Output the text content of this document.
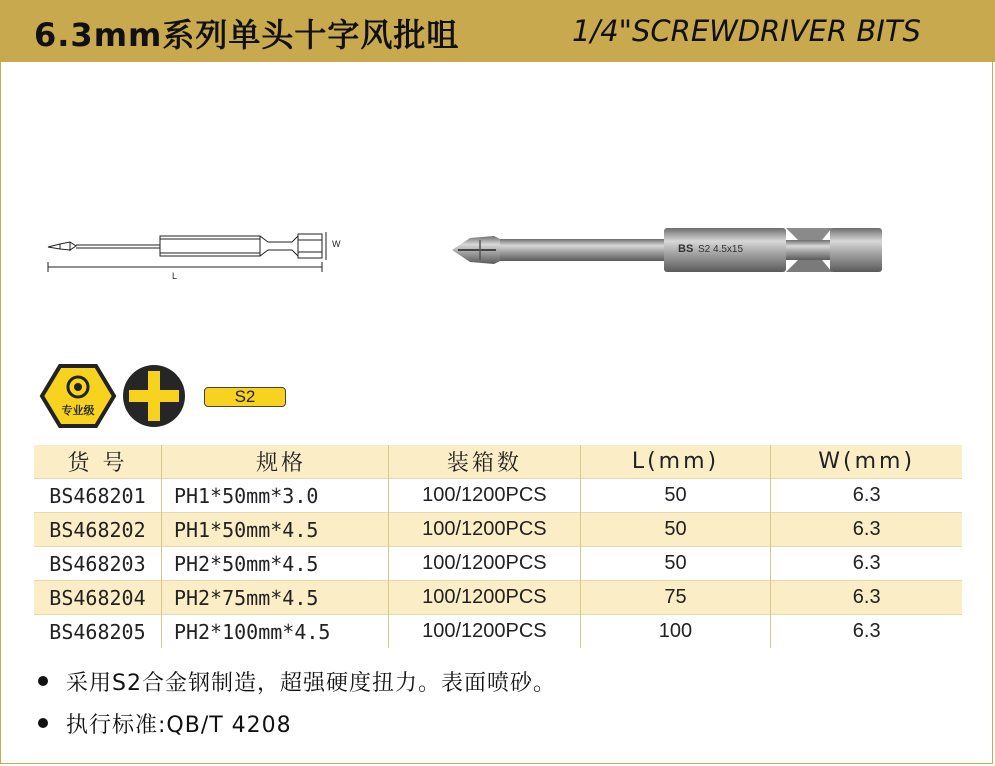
6.3mm系列单头十字风批咀	1/4"SCREWDRIVER BITS
W
L
BS S2 4.5x15
专业级
S2
货 号	规格	装箱数	L(mm)	W(mm)
BS468201	PH1*50mm*3.0	100/1200PCS	50	6.3
BS468202	PH1*50mm*4.5	100/1200PCS	50	6.3
BS468203	PH2*50mm*4.5	100/1200PCS	50	6.3
BS468204	PH2*75mm*4.5	100/1200PCS	75	6.3
BS468205	PH2*100mm*4.5	100/1200PCS	100	6.3
采用S2合金钢制造，超强硬度扭力。表面喷砂。
执行标准:QB/T 4208
